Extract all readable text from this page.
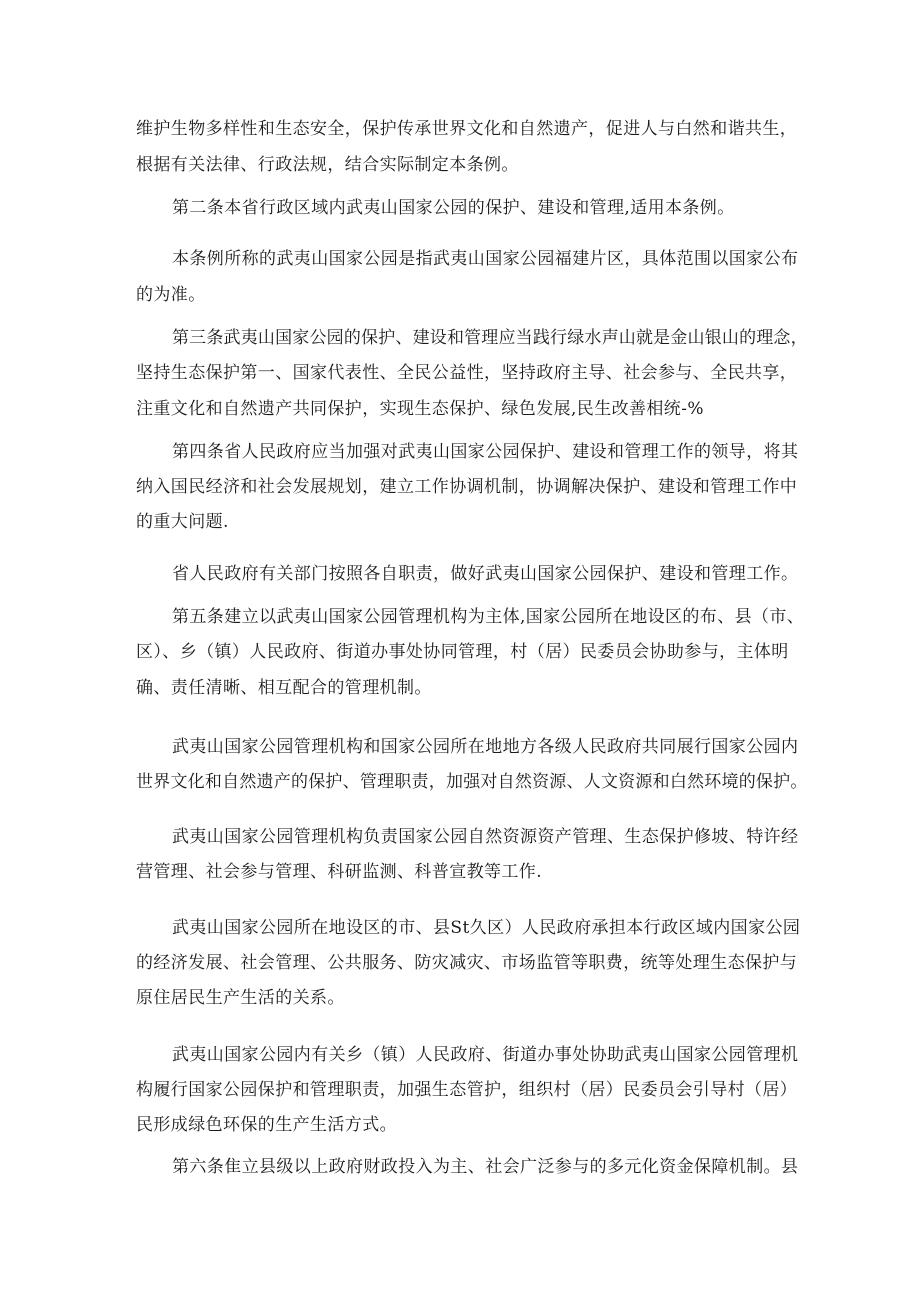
维护生物多样性和生态安全，保护传承世界文化和自然遗产，促进人与白然和谐共生，
根据有关法律、行政法规，结合实际制定本条例。
第二条本省行政区域内武夷山国家公园的保护、建设和管理,适用本条例。
本条例所称的武夷山国家公园是指武夷山国家公园福建片区，具体范围以国家公布
的为准。
第三条武夷山国家公园的保护、建设和管理应当践行绿水声山就是金山银山的理念，
坚持生态保护第一、国家代表性、全民公益性，坚持政府主导、社会参与、全民共享，
注重文化和自然遗产共同保护，实现生态保护、绿色发展,民生改善相统-%
第四条省人民政府应当加强对武夷山国家公园保护、建设和管理工作的领导，将其
纳入国民经济和社会发展规划，建立工作协调机制，协调解决保护、建设和管理工作中
的重大问题.
省人民政府有关部门按照各自职责，做好武夷山国家公园保护、建设和管理工作。
第五条建立以武夷山国家公园管理机构为主体,国家公园所在地设区的布、县（市、
区）、乡（镇）人民政府、街道办事处协同管理，村（居）民委员会协助参与，主体明
确、责任清晰、相互配合的管理机制。
武夷山国家公园管理机构和国家公园所在地地方各级人民政府共同展行国家公园内
世界文化和自然遗产的保护、管理职责，加强对自然资源、人文资源和白然环境的保护。
武夷山国家公园管理机构负责国家公园自然资源资产管理、生态保护修坡、特许经
营管理、社会参与管理、科研监测、科普宣教等工作.
武夷山国家公园所在地设区的市、县St久区）人民政府承担本行政区域内国家公园
的经济发展、社会管理、公共服务、防灾减灾、市场监管等职费，统等处理生态保护与
原住居民生产生活的关系。
武夷山国家公园内有关乡（镇）人民政府、街道办事处协助武夷山国家公园管理机
构履行国家公园保护和管理职责，加强生态管护，组织村（居）民委员会引导村（居）
民形成绿色环保的生产生活方式。
第六条隹立县级以上政府财政投入为主、社会广泛参与的多元化资金保障机制。县
